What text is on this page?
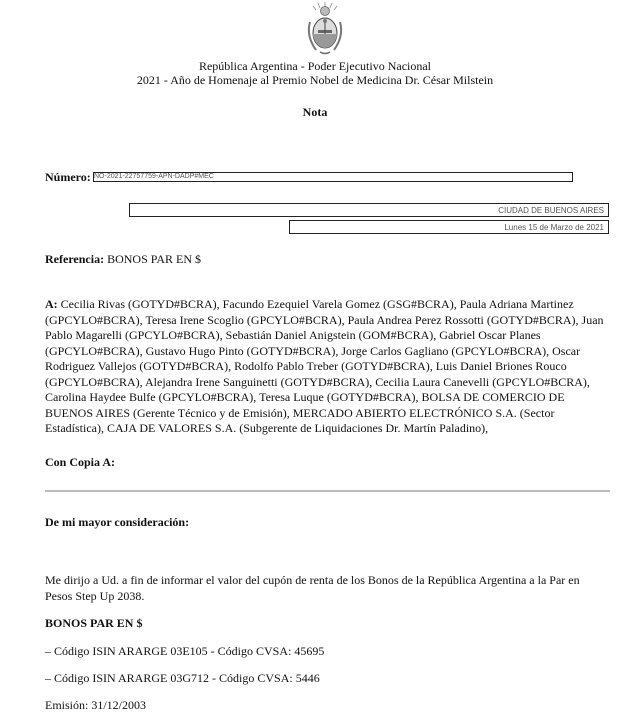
República Argentina - Poder Ejecutivo Nacional
2021 - Año de Homenaje al Premio Nobel de Medicina Dr. César Milstein
Nota
Número: NO-2021-22757759-APN-DADP#MEC
CIUDAD DE BUENOS AIRES
Lunes 15 de Marzo de 2021
Referencia: BONOS PAR EN $
A: Cecilia Rivas (GOTYD#BCRA), Facundo Ezequiel Varela Gomez (GSG#BCRA), Paula Adriana Martinez
(GPCYLO#BCRA), Teresa Irene Scoglio (GPCYLO#BCRA), Paula Andrea Perez Rossotti (GOTYD#BCRA), Juan
Pablo Magarelli (GPCYLO#BCRA), Sebastián Daniel Anigstein (GOM#BCRA), Gabriel Oscar Planes
(GPCYLO#BCRA), Gustavo Hugo Pinto (GOTYD#BCRA), Jorge Carlos Gagliano (GPCYLO#BCRA), Oscar
Rodriguez Vallejos (GOTYD#BCRA), Rodolfo Pablo Treber (GOTYD#BCRA), Luis Daniel Briones Rouco
(GPCYLO#BCRA), Alejandra Irene Sanguinetti (GOTYD#BCRA), Cecilia Laura Canevelli (GPCYLO#BCRA),
Carolina Haydee Bulfe (GPCYLO#BCRA), Teresa Luque (GOTYD#BCRA), BOLSA DE COMERCIO DE
BUENOS AIRES (Gerente Técnico y de Emisión), MERCADO ABIERTO ELECTRÓNICO S.A. (Sector
Estadística), CAJA DE VALORES S.A. (Subgerente de Liquidaciones Dr. Martín Paladino),
Con Copia A:
De mi mayor consideración:
Me dirijo a Ud. a fin de informar el valor del cupón de renta de los Bonos de la República Argentina a la Par en
Pesos Step Up 2038.
BONOS PAR EN $
– Código ISIN ARARGE 03E105 - Código CVSA: 45695
– Código ISIN ARARGE 03G712 - Código CVSA: 5446
Emisión: 31/12/2003
